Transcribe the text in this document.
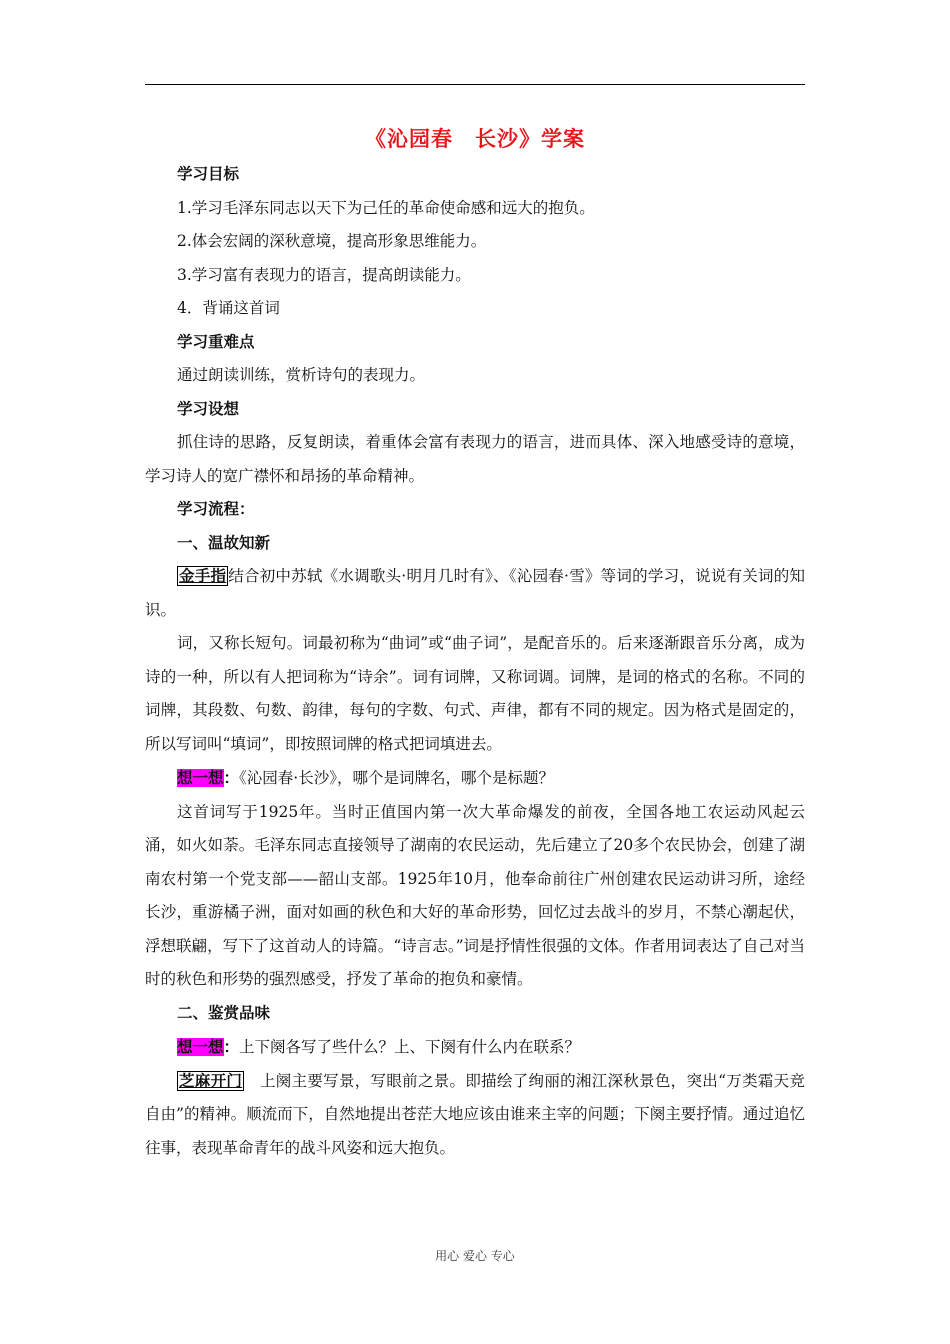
《沁园春　长沙》学案

学习目标

1.学习毛泽东同志以天下为己任的革命使命感和远大的抱负。

2.体会宏阔的深秋意境，提高形象思维能力。

3.学习富有表现力的语言，提高朗读能力。

4．背诵这首词

学习重难点

通过朗读训练，赏析诗句的表现力。

学习设想

抓住诗的思路，反复朗读，着重体会富有表现力的语言，进而具体、深入地感受诗的意境，学习诗人的宽广襟怀和昂扬的革命精神。

学习流程：

一、温故知新

金手指 结合初中苏轼《水调歌头·明月几时有》、《沁园春·雪》等词的学习，说说有关词的知识。

词，又称长短句。词最初称为“曲词”或“曲子词”，是配音乐的。后来逐渐跟音乐分离，成为诗的一种，所以有人把词称为“诗余”。词有词牌，又称词调。词牌，是词的格式的名称。不同的词牌，其段数、句数、韵律，每句的字数、句式、声律，都有不同的规定。因为格式是固定的，所以写词叫“填词”，即按照词牌的格式把词填进去。

想一想：《沁园春·长沙》，哪个是词牌名，哪个是标题？

这首词写于1925年。当时正值国内第一次大革命爆发的前夜，全国各地工农运动风起云涌，如火如荼。毛泽东同志直接领导了湖南的农民运动，先后建立了20多个农民协会，创建了湖南农村第一个党支部——韶山支部。1925年10月，他奉命前往广州创建农民运动讲习所，途经长沙，重游橘子洲，面对如画的秋色和大好的革命形势，回忆过去战斗的岁月，不禁心潮起伏，浮想联翩，写下了这首动人的诗篇。“诗言志。”词是抒情性很强的文体。作者用词表达了自己对当时的秋色和形势的强烈感受，抒发了革命的抱负和豪情。

二、鉴赏品味

想一想：上下阕各写了些什么？上、下阕有什么内在联系？

芝麻开门　上阕主要写景，写眼前之景。即描绘了绚丽的湘江深秋景色，突出“万类霜天竞自由”的精神。顺流而下，自然地提出苍茫大地应该由谁来主宰的问题；下阕主要抒情。通过追忆往事，表现革命青年的战斗风姿和远大抱负。

用心 爱心 专心
